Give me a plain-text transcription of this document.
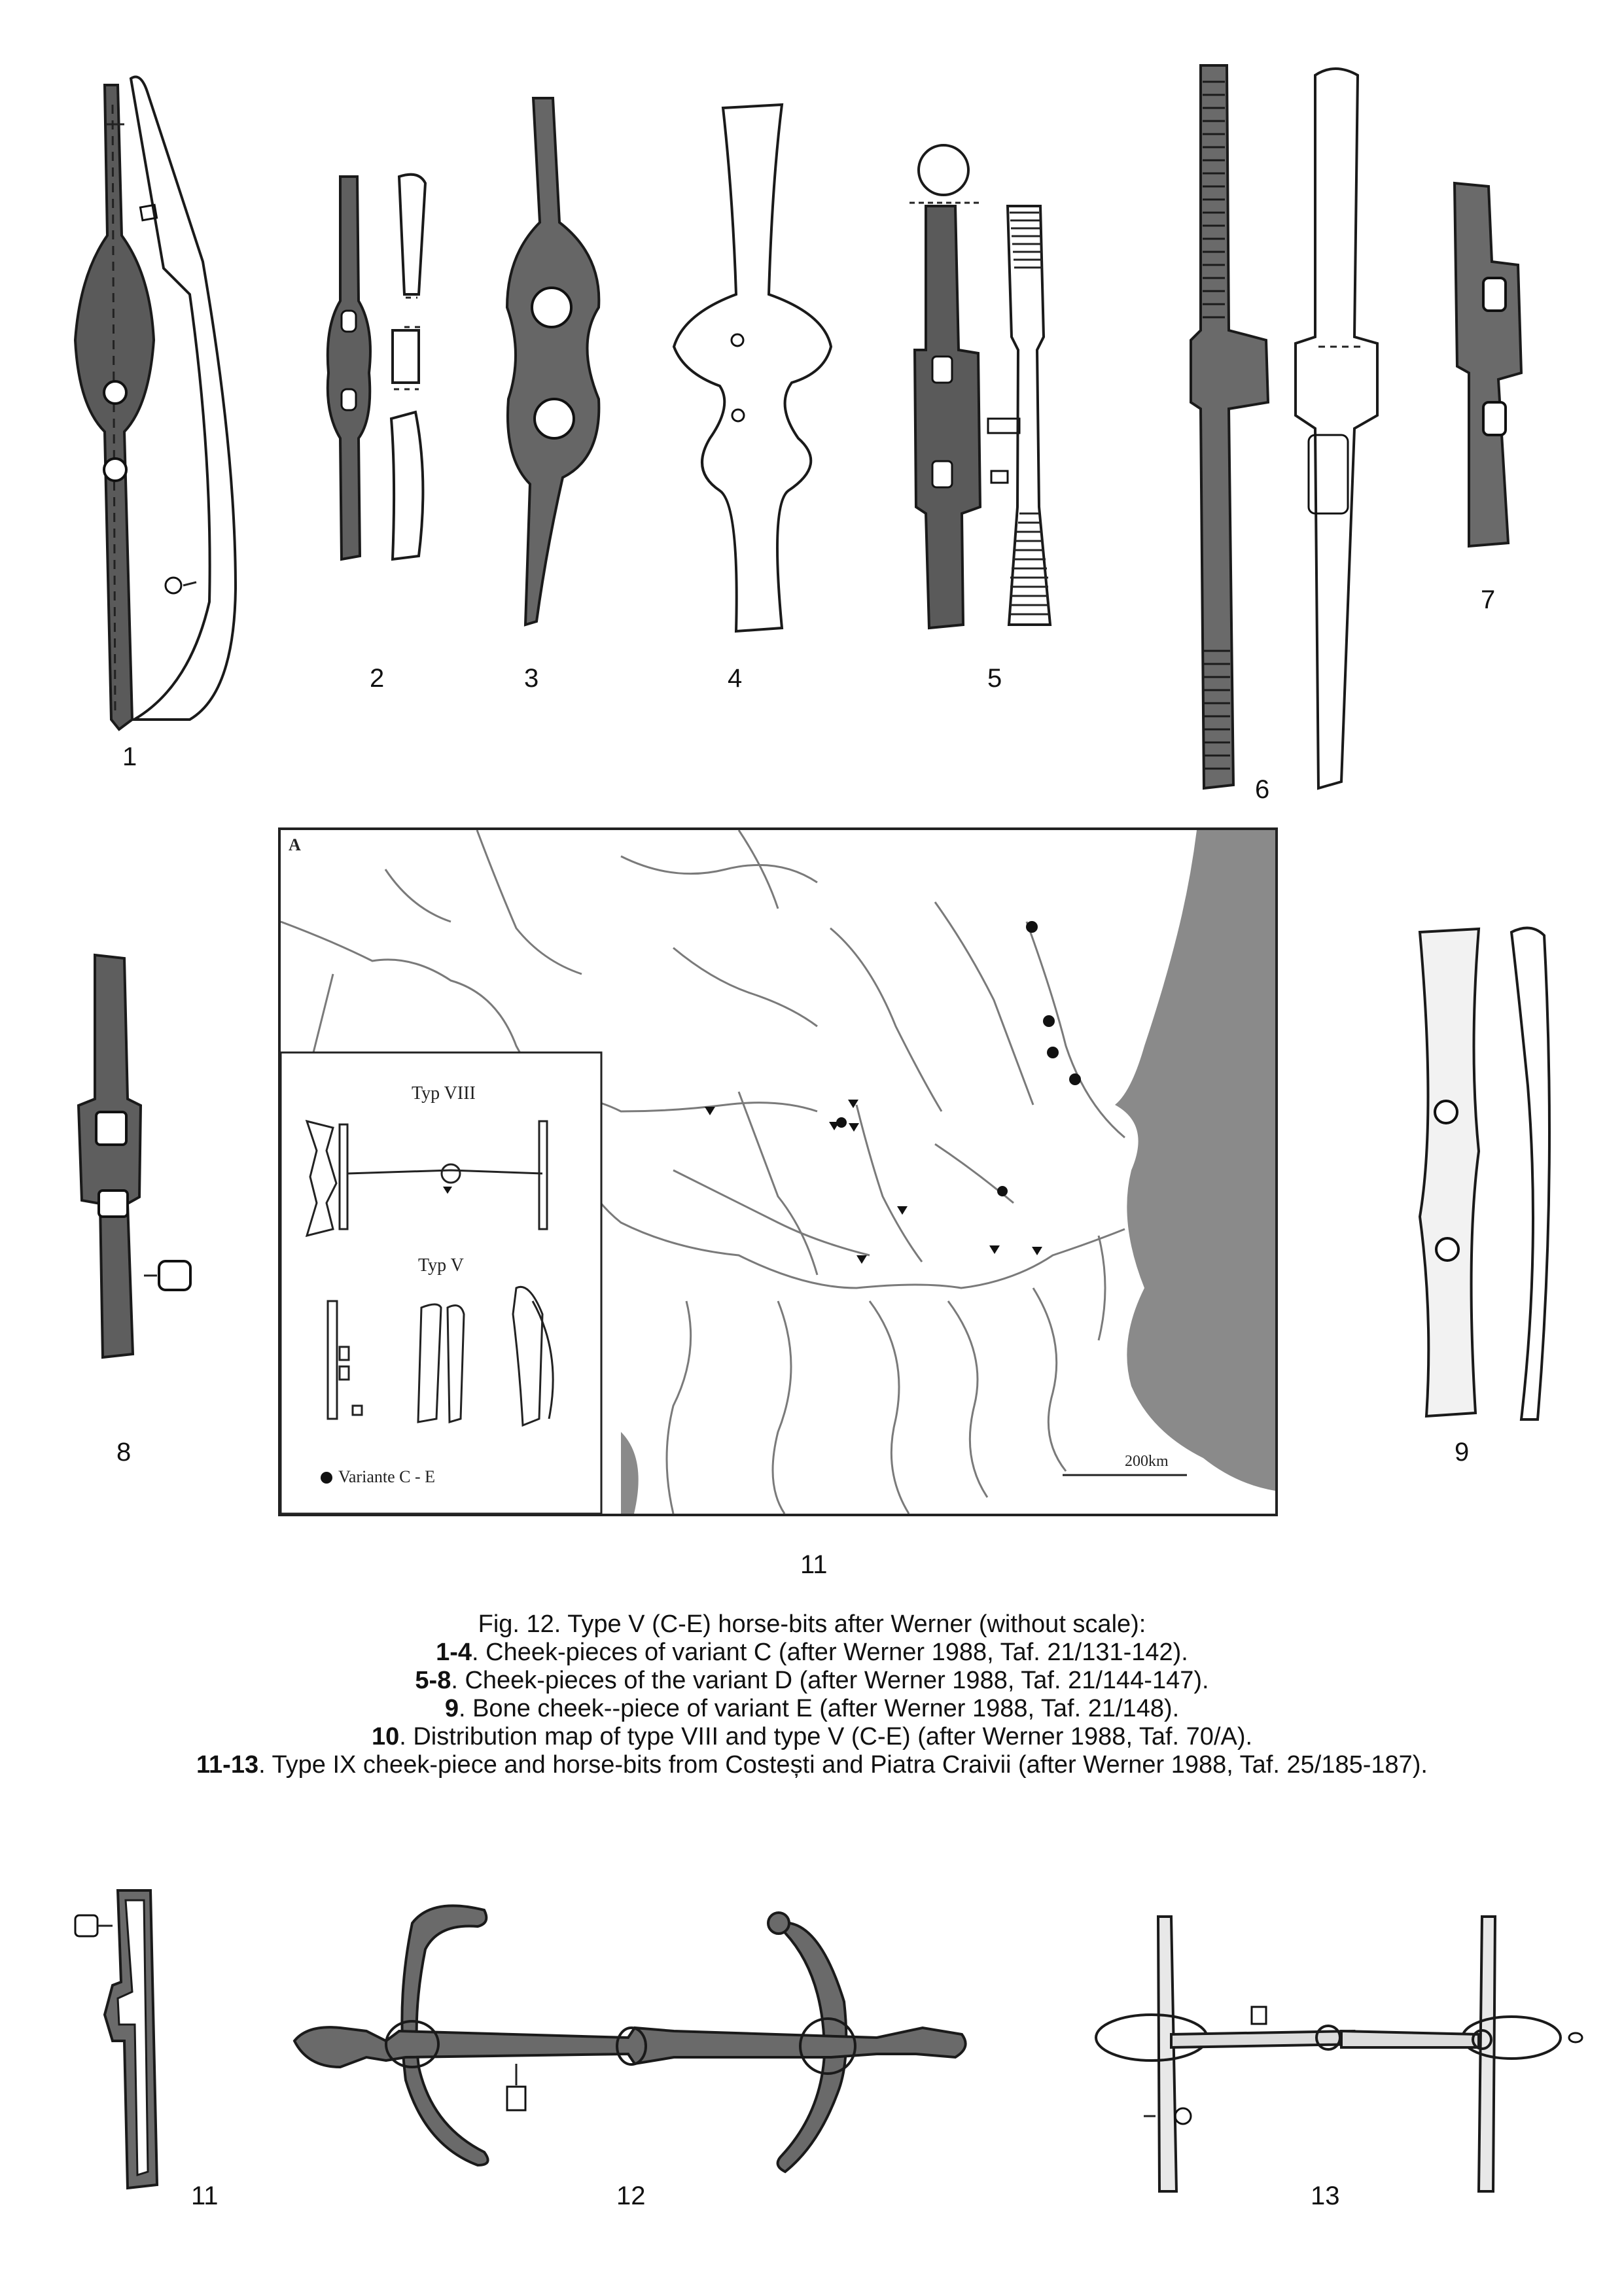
1
2	3	4	5
6
7
8	9
A
Typ VIII
Typ V
Variante C - E
200km
11
Fig. 12. Type V (C-E) horse-bits after Werner (without scale):
1-4. Cheek-pieces of variant C (after Werner 1988, Taf. 21/131-142).
5-8. Cheek-pieces of the variant D (after Werner 1988, Taf. 21/144-147).
9. Bone cheek--piece of variant E (after Werner 1988, Taf. 21/148).
10. Distribution map of type VIII and type V (C-E) (after Werner 1988, Taf. 70/A).
11-13. Type IX cheek-piece and horse-bits from Costești and Piatra Craivii (after Werner 1988, Taf. 25/185-187).
11	12	13
